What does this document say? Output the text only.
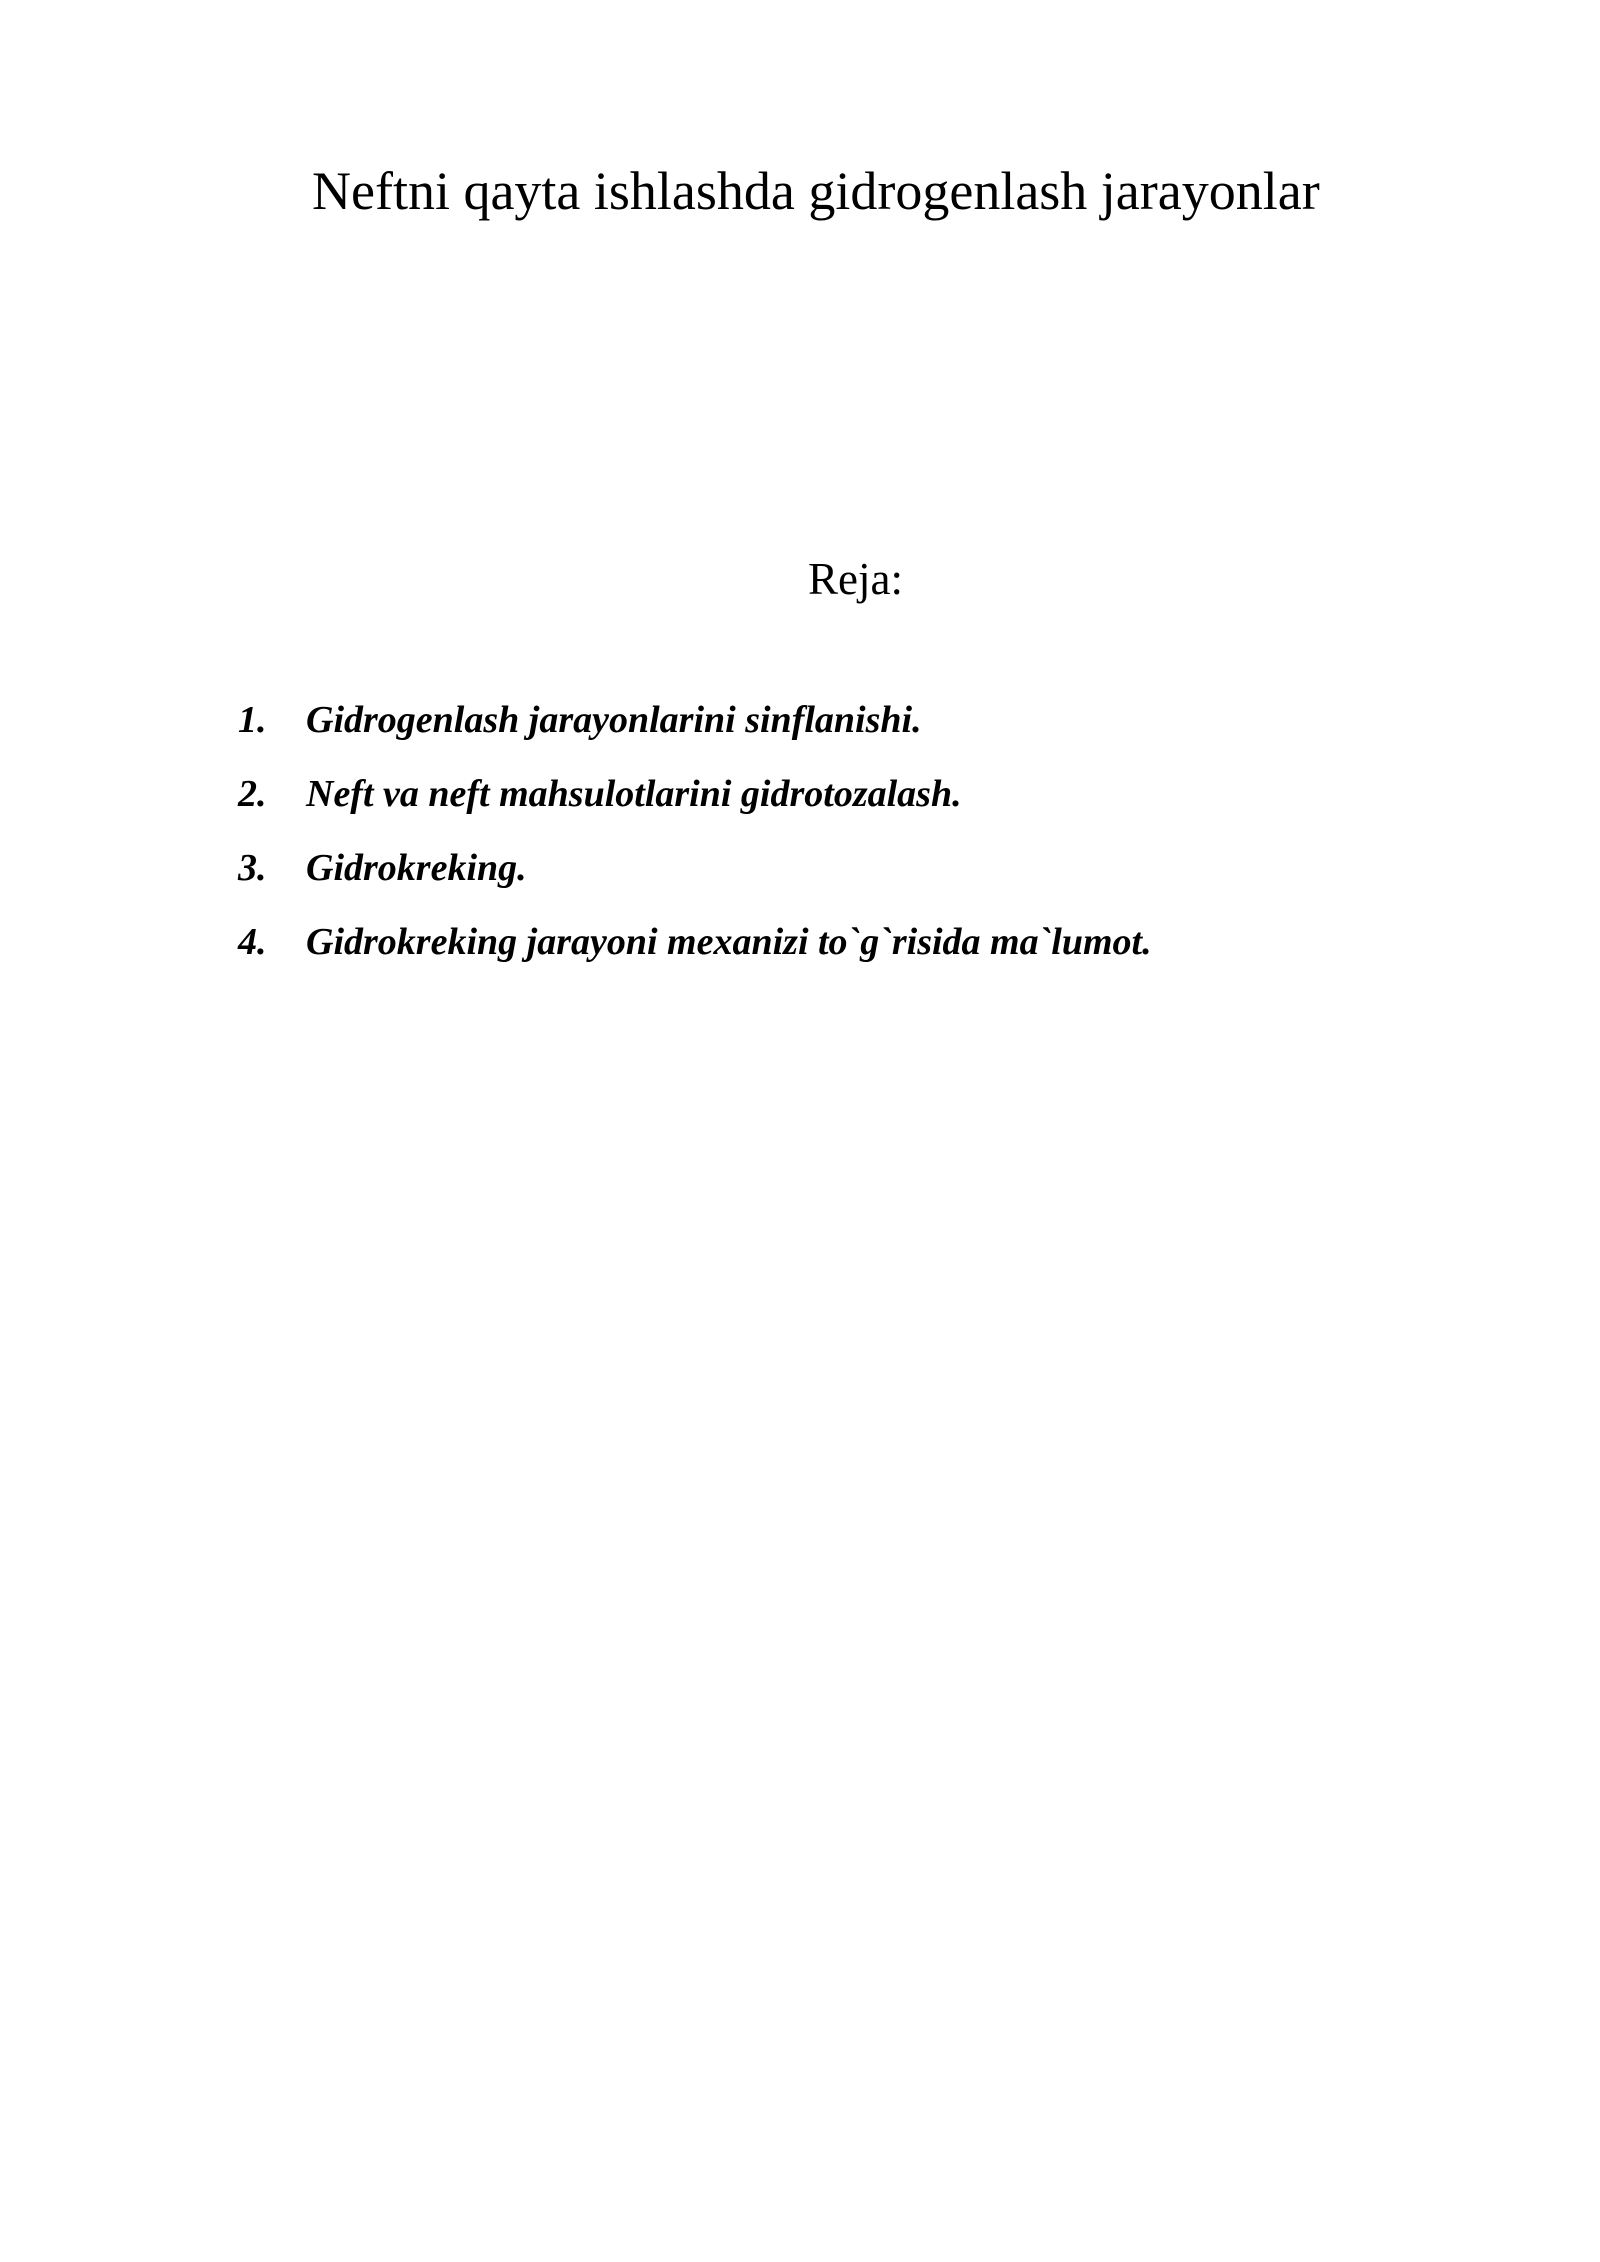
Neftni qayta ishlashda gidrogenlash jarayonlar
Reja:
1.	Gidrogenlash jarayonlarini sinflanishi.
2.	Neft va neft mahsulotlarini gidrotozalash.
3.	Gidrokreking.
4.	Gidrokreking jarayoni mexanizi to`g`risida ma`lumot.
